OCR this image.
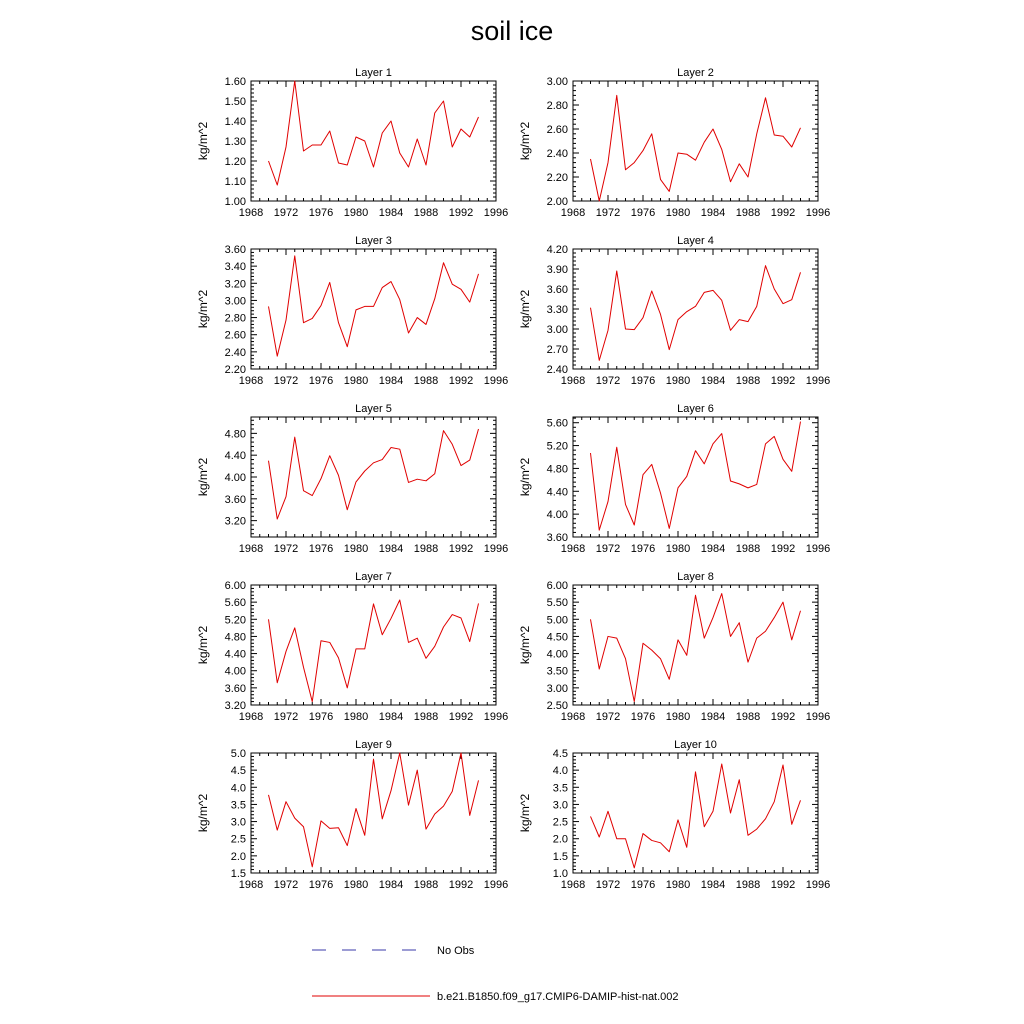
soil ice
Layer 1
kg/m^2
1968 1972 1976 1980 1984 1988 1992 1996
1.00
1.10
1.20
1.30
1.40
1.50
1.60
Layer 2
kg/m^2
1968 1972 1976 1980 1984 1988 1992 1996
2.00
2.20
2.40
2.60
2.80
3.00
Layer 3
kg/m^2
1968 1972 1976 1980 1984 1988 1992 1996
2.20
2.40
2.60
2.80
3.00
3.20
3.40
3.60
Layer 4
kg/m^2
1968 1972 1976 1980 1984 1988 1992 1996
2.40
2.70
3.00
3.30
3.60
3.90
4.20
Layer 5
kg/m^2
1968 1972 1976 1980 1984 1988 1992 1996
3.20
3.60
4.00
4.40
4.80
Layer 6
kg/m^2
1968 1972 1976 1980 1984 1988 1992 1996
3.60
4.00
4.40
4.80
5.20
5.60
Layer 7
kg/m^2
1968 1972 1976 1980 1984 1988 1992 1996
3.20
3.60
4.00
4.40
4.80
5.20
5.60
6.00
Layer 8
kg/m^2
1968 1972 1976 1980 1984 1988 1992 1996
2.50
3.00
3.50
4.00
4.50
5.00
5.50
6.00
Layer 9
kg/m^2
1968 1972 1976 1980 1984 1988 1992 1996
1.5
2.0
2.5
3.0
3.5
4.0
4.5
5.0
Layer 10
kg/m^2
1968 1972 1976 1980 1984 1988 1992 1996
1.0
1.5
2.0
2.5
3.0
3.5
4.0
4.5
No Obs
b.e21.B1850.f09_g17.CMIP6-DAMIP-hist-nat.002
